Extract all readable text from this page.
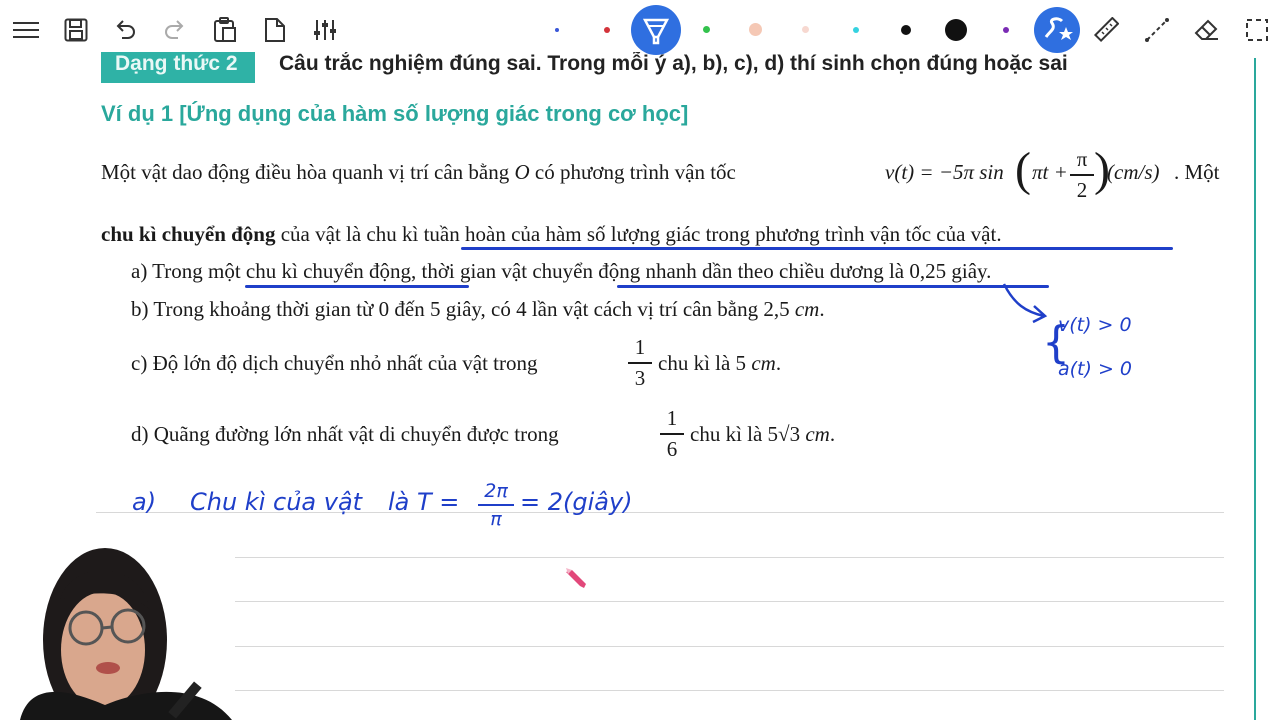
Dạng thức 2	Câu trắc nghiệm đúng sai. Trong mỗi ý a), b), c), d) thí sinh chọn đúng hoặc sai
Ví dụ 1 [Ứng dụng của hàm số lượng giác trong cơ học]
Một vật dao động điều hòa quanh vị trí cân bằng O có phương trình vận tốc	v(t) = −5π sin ( πt +
π
2 )
(cm/s) . Một
chu kì chuyển động của vật là chu kì tuần hoàn của hàm số lượng giác trong phương trình vận tốc của vật.
a) Trong một chu kì chuyển động, thời gian vật chuyển động nhanh dần theo chiều dương là 0,25 giây.
b) Trong khoảng thời gian từ 0 đến 5 giây, có 4 lần vật cách vị trí cân bằng 2,5 cm.
c) Độ lớn độ dịch chuyển nhỏ nhất của vật trong
1
3
chu kì là 5 cm.
d) Quãng đường lớn nhất vật di chuyển được trong
1
6
chu kì là 5√3 cm.
v(t) > 0
a(t) > 0
{
a) Chu kì của vật là T =	2π
π
= 2(giây)
